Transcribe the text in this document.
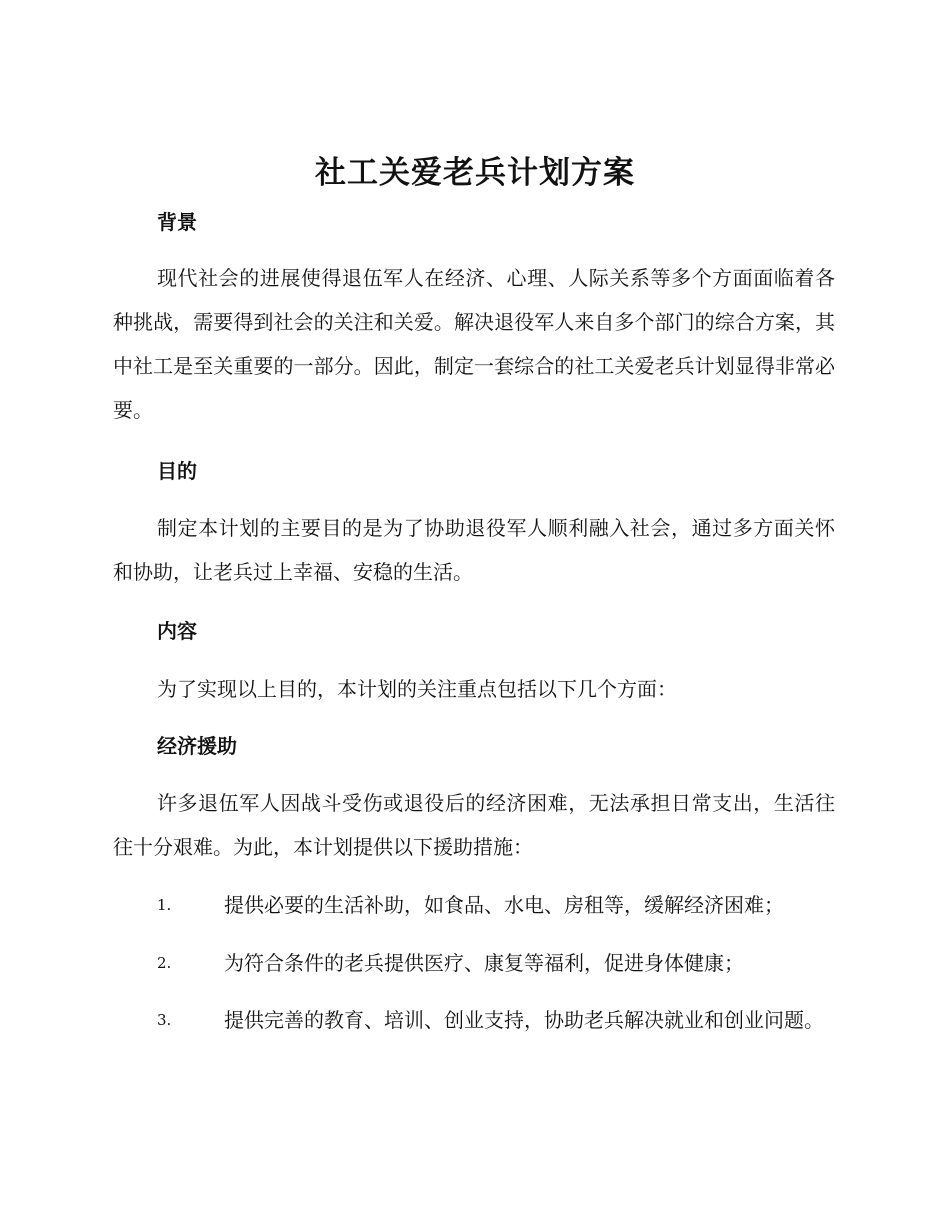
社工关爱老兵计划方案
背景
现代社会的进展使得退伍军人在经济、心理、人际关系等多个方面面临着各种挑战，需要得到社会的关注和关爱。解决退役军人来自多个部门的综合方案，其中社工是至关重要的一部分。因此，制定一套综合的社工关爱老兵计划显得非常必要。
目的
制定本计划的主要目的是为了协助退役军人顺利融入社会，通过多方面关怀和协助，让老兵过上幸福、安稳的生活。
内容
为了实现以上目的，本计划的关注重点包括以下几个方面：
经济援助
许多退伍军人因战斗受伤或退役后的经济困难，无法承担日常支出，生活往往十分艰难。为此，本计划提供以下援助措施：
1.	提供必要的生活补助，如食品、水电、房租等，缓解经济困难；
2.	为符合条件的老兵提供医疗、康复等福利，促进身体健康；
3.	提供完善的教育、培训、创业支持，协助老兵解决就业和创业问题。
